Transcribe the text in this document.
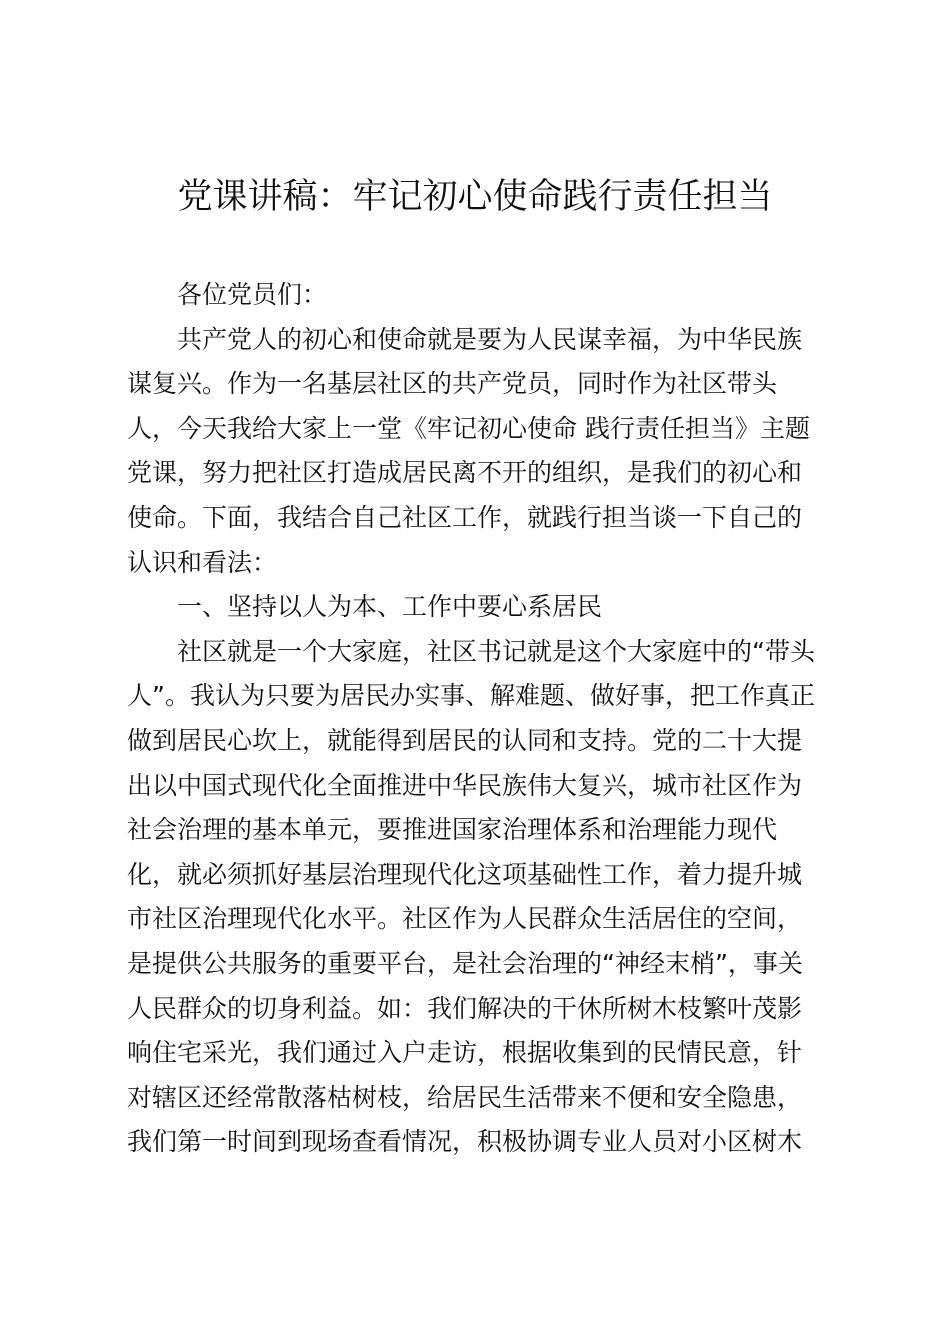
党课讲稿：牢记初心使命践行责任担当
各位党员们：
共产党人的初心和使命就是要为人民谋幸福，为中华民族
谋复兴。作为一名基层社区的共产党员，同时作为社区带头
人，今天我给大家上一堂《牢记初心使命 践行责任担当》主题
党课，努力把社区打造成居民离不开的组织，是我们的初心和
使命。下面，我结合自己社区工作，就践行担当谈一下自己的
认识和看法：
一、坚持以人为本、工作中要心系居民
社区就是一个大家庭，社区书记就是这个大家庭中的“带头
人”。我认为只要为居民办实事、解难题、做好事，把工作真正
做到居民心坎上，就能得到居民的认同和支持。党的二十大提
出以中国式现代化全面推进中华民族伟大复兴，城市社区作为
社会治理的基本单元，要推进国家治理体系和治理能力现代
化，就必须抓好基层治理现代化这项基础性工作，着力提升城
市社区治理现代化水平。社区作为人民群众生活居住的空间，
是提供公共服务的重要平台，是社会治理的“神经末梢”，事关
人民群众的切身利益。如：我们解决的干休所树木枝繁叶茂影
响住宅采光，我们通过入户走访，根据收集到的民情民意，针
对辖区还经常散落枯树枝，给居民生活带来不便和安全隐患，
我们第一时间到现场查看情况，积极协调专业人员对小区树木
